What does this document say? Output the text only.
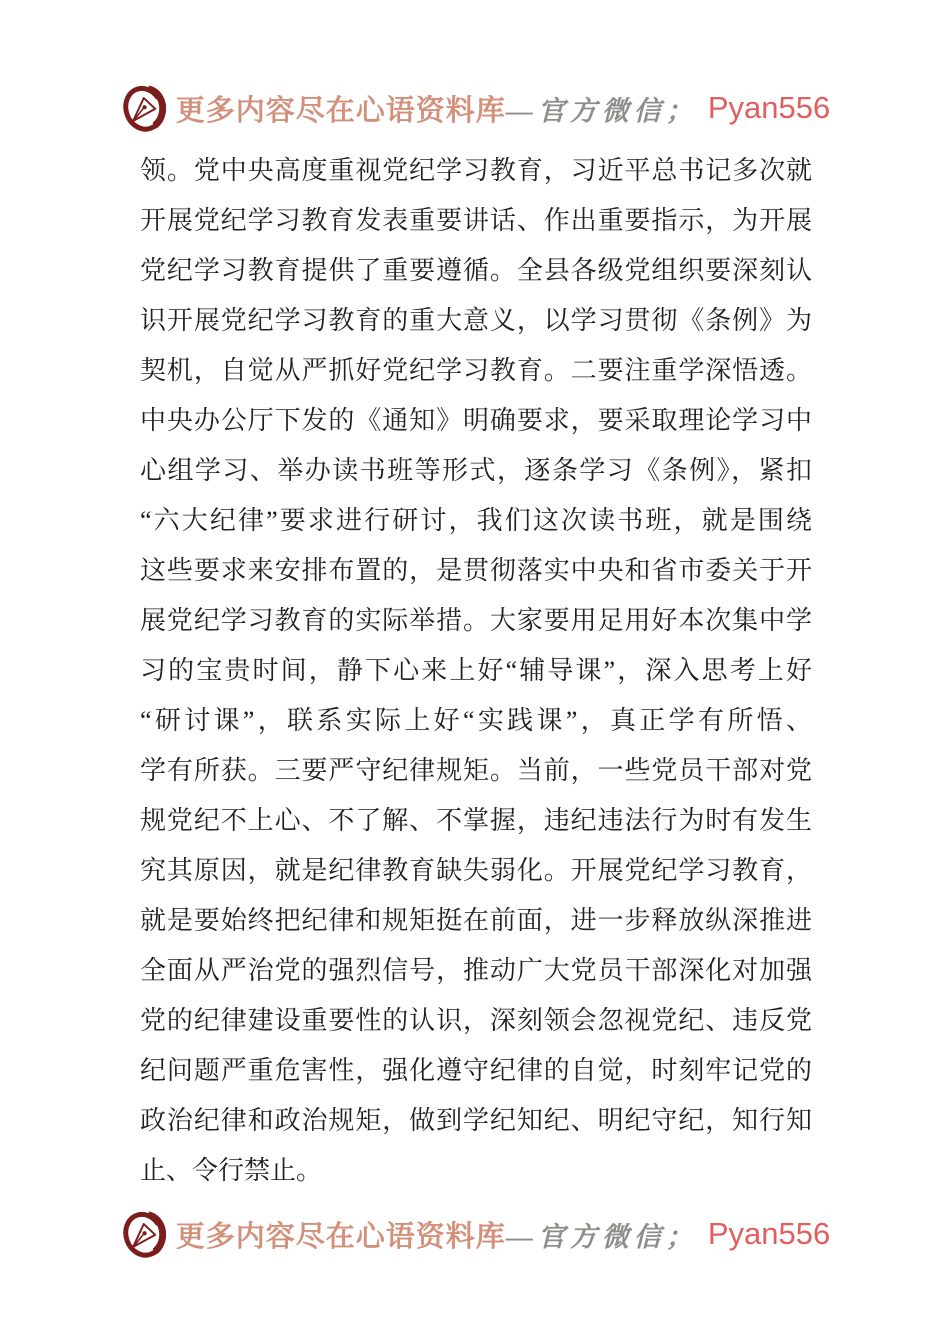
更多内容尽在心语资料库 —官方微信； Pyan556
领。党中央高度重视党纪学习教育，习近平总书记多次就
开展党纪学习教育发表重要讲话、作出重要指示，为开展
党纪学习教育提供了重要遵循。全县各级党组织要深刻认
识开展党纪学习教育的重大意义，以学习贯彻《条例》为
契机，自觉从严抓好党纪学习教育。二要注重学深悟透。
中央办公厅下发的《通知》明确要求，要采取理论学习中
心组学习、举办读书班等形式，逐条学习《条例》，紧扣
“六大纪律”要求进行研讨，我们这次读书班，就是围绕
这些要求来安排布置的，是贯彻落实中央和省市委关于开
展党纪学习教育的实际举措。大家要用足用好本次集中学
习的宝贵时间，静下心来上好“辅导课”，深入思考上好
“研讨课”，联系实际上好“实践课”，真正学有所悟、
学有所获。三要严守纪律规矩。当前，一些党员干部对党
规党纪不上心、不了解、不掌握，违纪违法行为时有发生
究其原因，就是纪律教育缺失弱化。开展党纪学习教育，
就是要始终把纪律和规矩挺在前面，进一步释放纵深推进
全面从严治党的强烈信号，推动广大党员干部深化对加强
党的纪律建设重要性的认识，深刻领会忽视党纪、违反党
纪问题严重危害性，强化遵守纪律的自觉，时刻牢记党的
政治纪律和政治规矩，做到学纪知纪、明纪守纪，知行知
止、令行禁止。
更多内容尽在心语资料库 —官方微信； Pyan556
